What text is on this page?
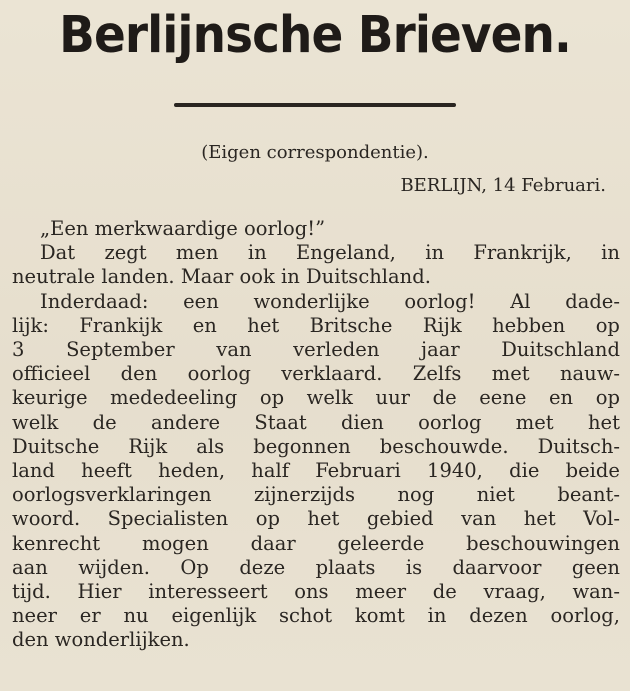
Berlijnsche Brieven.
(Eigen correspondentie).
BERLIJN, 14 Februari.
„Een merkwaardige oorlog!”
Dat zegt men in Engeland, in Frankrijk, in
neutrale landen. Maar ook in Duitschland.
Inderdaad: een wonderlijke oorlog! Al dade-
lijk: Frankijk en het Britsche Rijk hebben op
3 September van verleden jaar Duitschland
officieel den oorlog verklaard. Zelfs met nauw-
keurige mededeeling op welk uur de eene en op
welk de andere Staat dien oorlog met het
Duitsche Rijk als begonnen beschouwde. Duitsch-
land heeft heden, half Februari 1940, die beide
oorlogsverklaringen zijnerzijds nog niet beant-
woord. Specialisten op het gebied van het Vol-
kenrecht mogen daar geleerde beschouwingen
aan wijden. Op deze plaats is daarvoor geen
tijd. Hier interesseert ons meer de vraag, wan-
neer er nu eigenlijk schot komt in dezen oorlog,
den wonderlijken.
